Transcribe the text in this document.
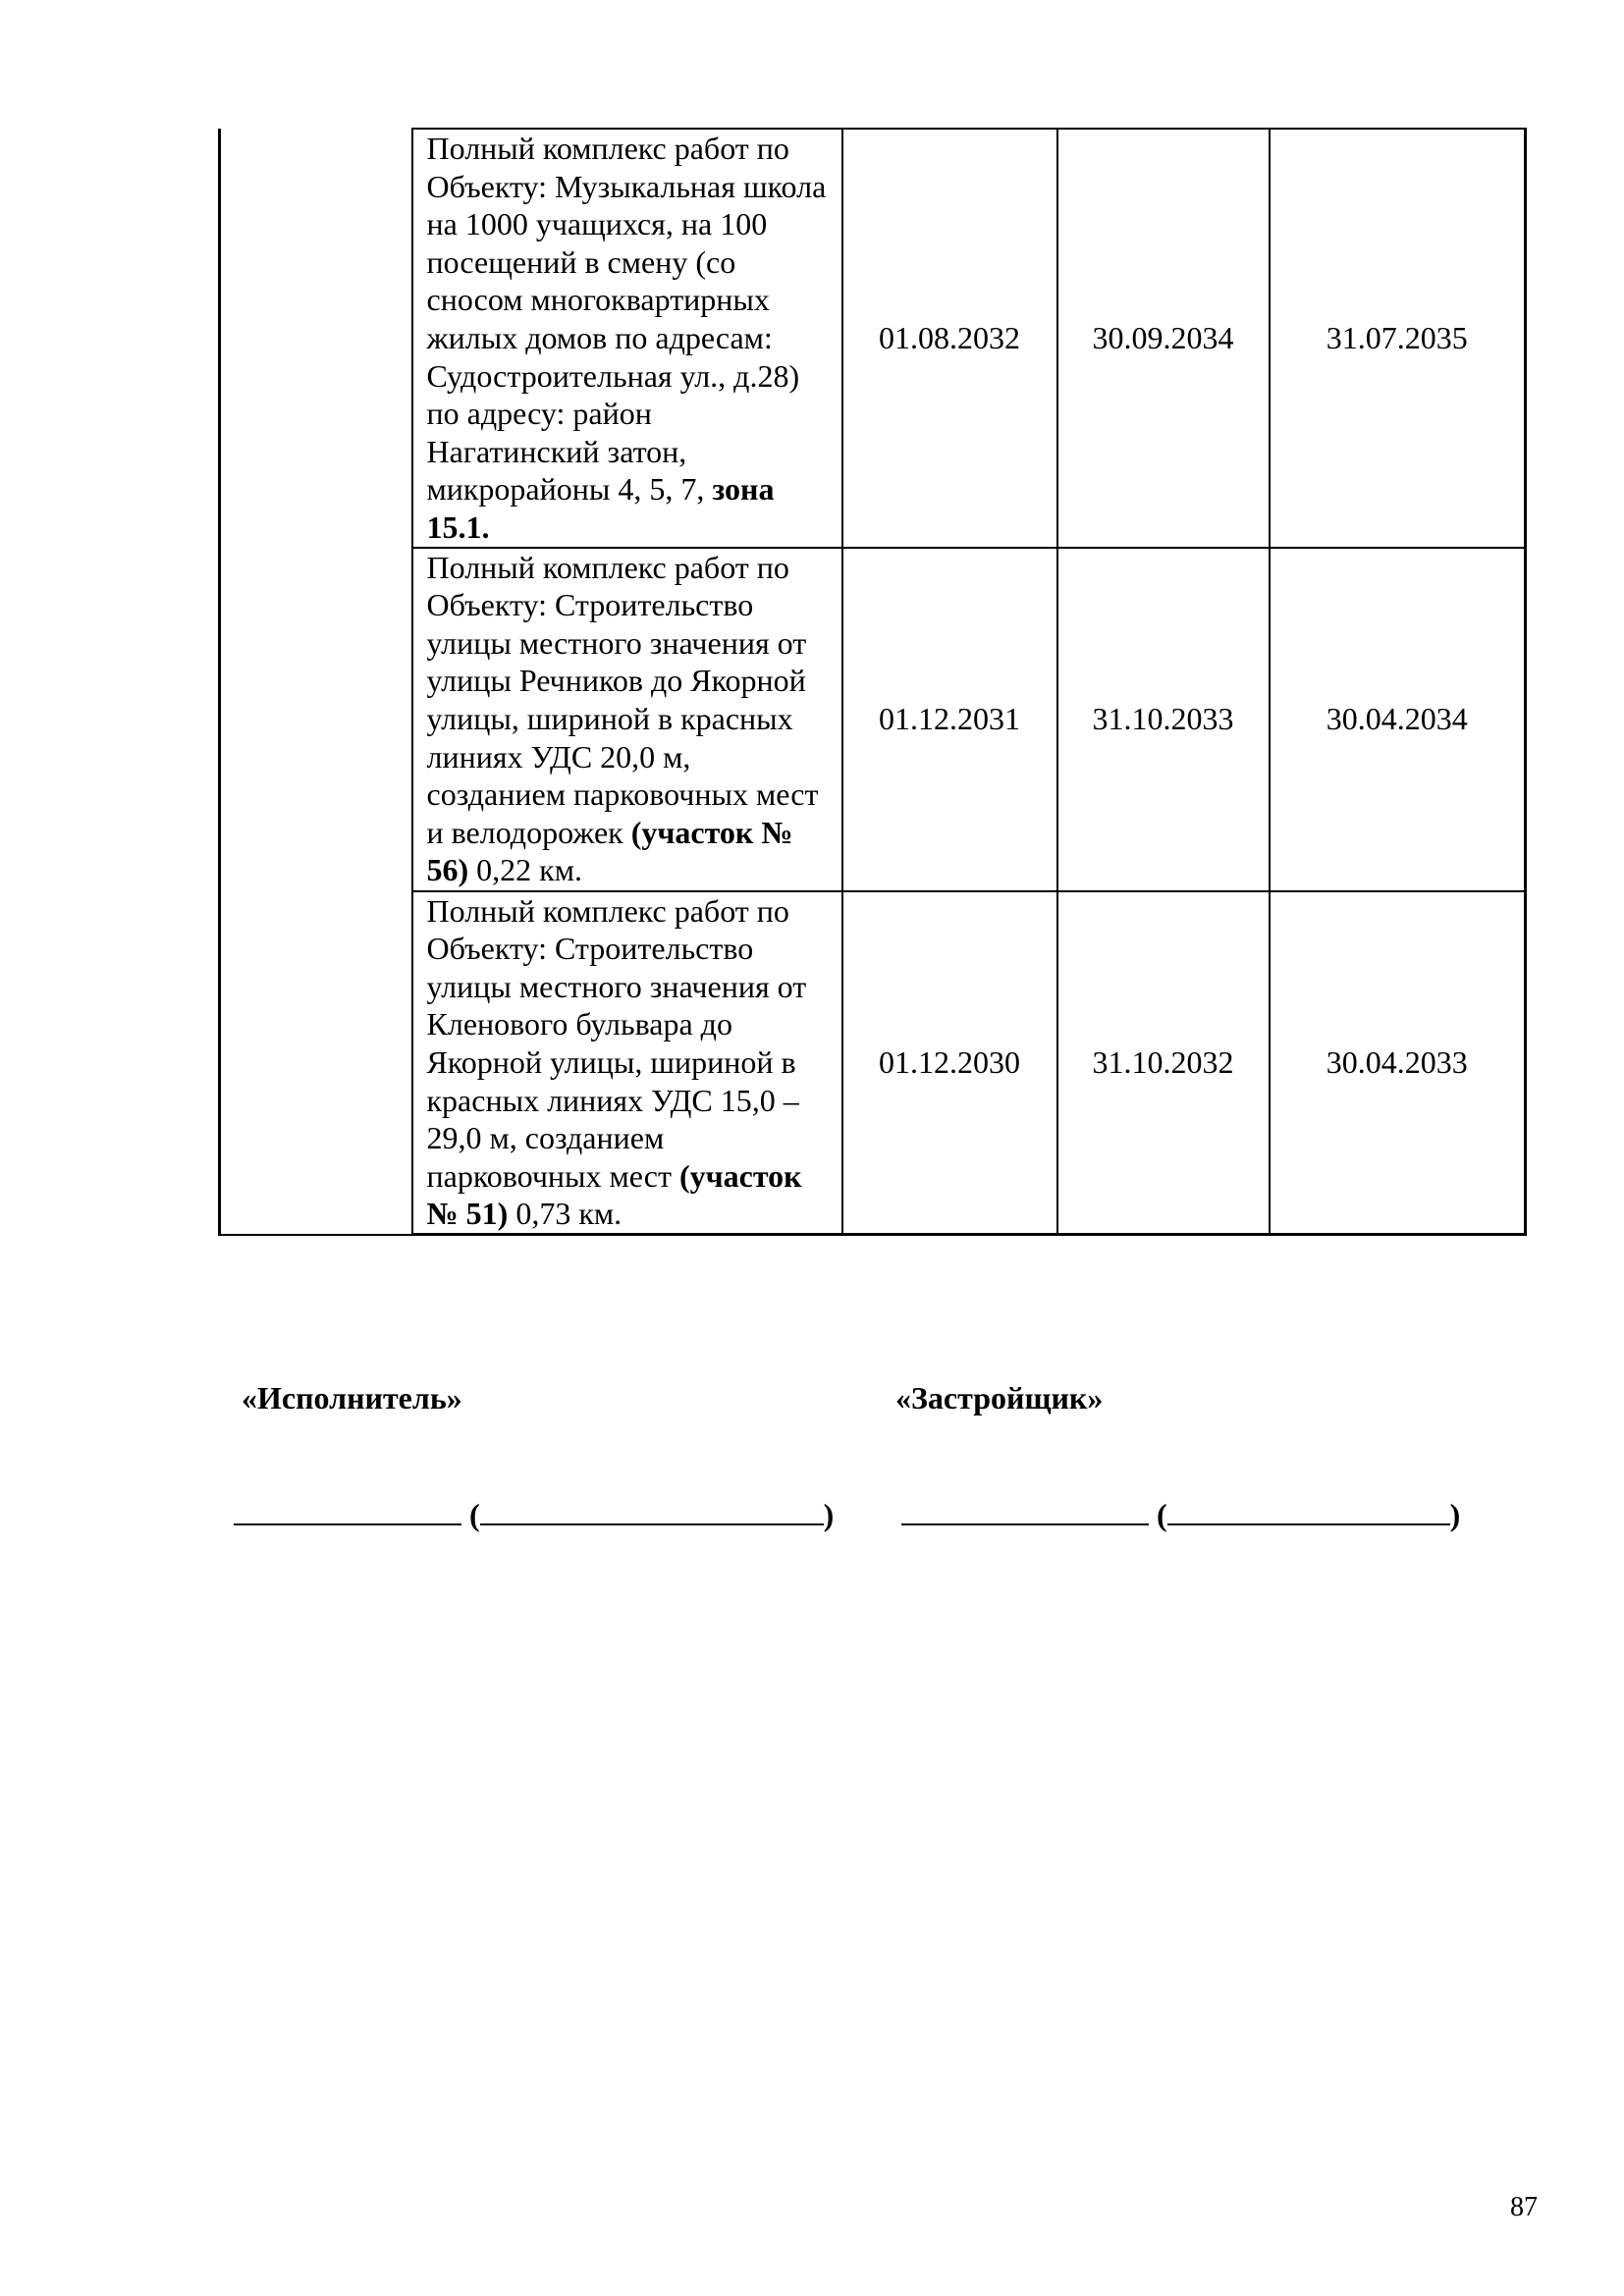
	Полный комплекс работ по Объекту: Музыкальная школа на 1000 учащихся, на 100 посещений в смену (со сносом многоквартирных жилых домов по адресам: Судостроительная ул., д.28) по адресу: район Нагатинский затон, микрорайоны 4, 5, 7, зона 15.1.	01.08.2032	30.09.2034	31.07.2035
	Полный комплекс работ по Объекту: Строительство улицы местного значения от улицы Речников до Якорной улицы, шириной в красных линиях УДС 20,0 м, созданием парковочных мест и велодорожек (участок № 56) 0,22 км.	01.12.2031	31.10.2033	30.04.2034
	Полный комплекс работ по Объекту: Строительство улицы местного значения от Кленового бульвара до Якорной улицы, шириной в красных линиях УДС 15,0 – 29,0 м, созданием парковочных мест (участок № 51) 0,73 км.	01.12.2030	31.10.2032	30.04.2033
«Исполнитель»	«Застройщик»
(	)	(	)
87
